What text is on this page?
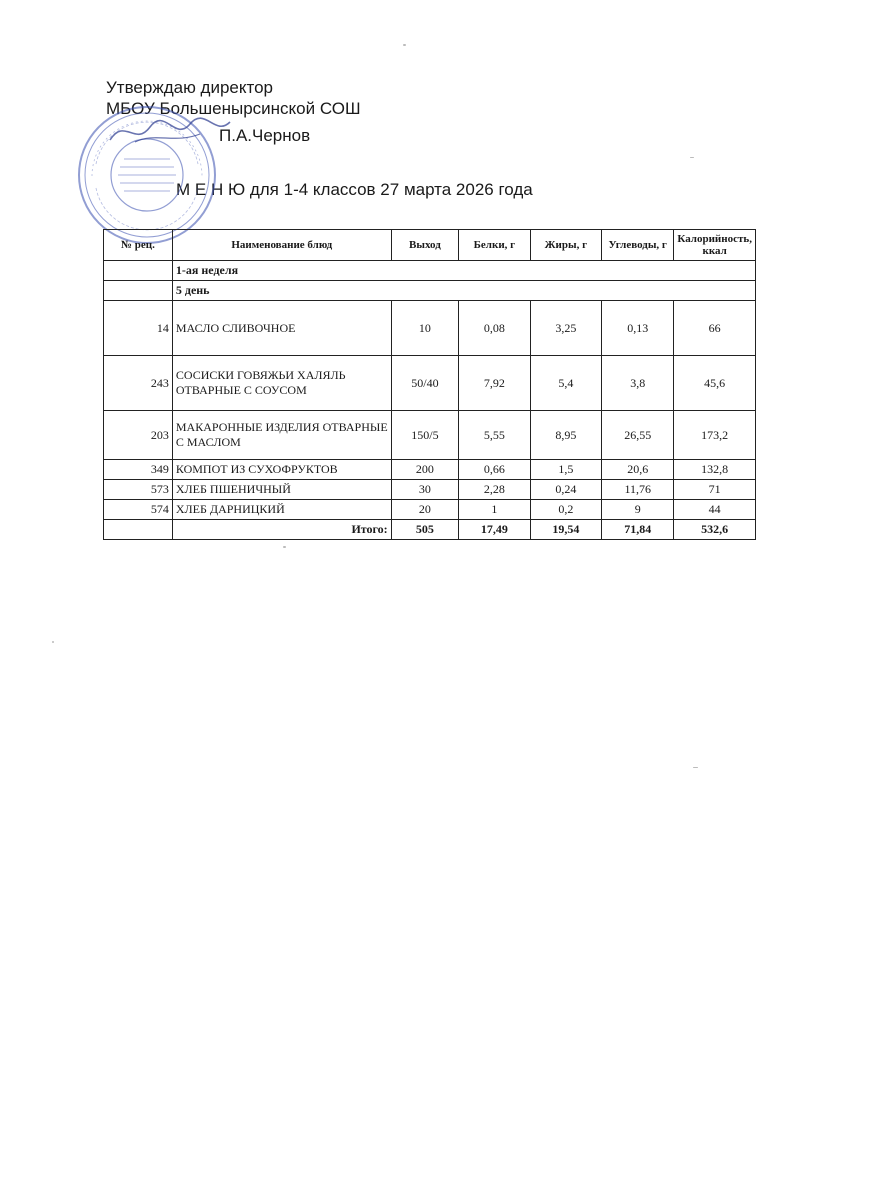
Утверждаю директор
МБОУ Большенырсинской СОШ
П.А.Чернов
М Е Н Ю для 1-4 классов 27 марта 2026 года
№ рец.	Наименование блюд	Выход	Белки, г	Жиры, г	Углеводы, г	Калорийность, ккал
	1-ая неделя					
	5 день					
14	МАСЛО СЛИВОЧНОЕ	10	0,08	3,25	0,13	66
243	СОСИСКИ ГОВЯЖЬИ ХАЛЯЛЬ ОТВАРНЫЕ С СОУСОМ	50/40	7,92	5,4	3,8	45,6
203	МАКАРОННЫЕ ИЗДЕЛИЯ ОТВАРНЫЕ С МАСЛОМ	150/5	5,55	8,95	26,55	173,2
349	КОМПОТ ИЗ СУХОФРУКТОВ	200	0,66	1,5	20,6	132,8
573	ХЛЕБ ПШЕНИЧНЫЙ	30	2,28	0,24	11,76	71
574	ХЛЕБ ДАРНИЦКИЙ	20	1	0,2	9	44
	Итого:	505	17,49	19,54	71,84	532,6
